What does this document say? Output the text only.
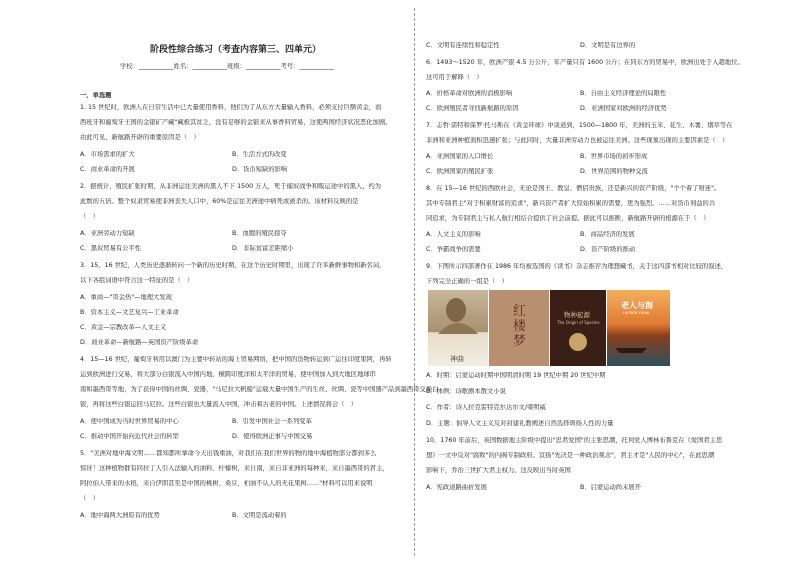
阶段性综合练习（考查内容第三、四单元）
学校：___________姓名：___________班级：___________考号：___________
一、单选题
1. 15 世纪时，欧洲人在日常生活中已大量使用香料，他们为了从东方大量输入香料，必须支付巨额黄金，而
西班牙和葡萄牙王国的金银矿产藏"藏极其贫乏，没有足够的金银来从事香料贸易，这使两国经济状况恶化加剧。
由此可见，新航路开辟的重要原因是（　）
A．市场需求的扩大	B．生活方式的改变
C．商业革命的开展	D．货币短缺的影响
2．据统计，殖民扩张时期，从非洲运往美洲的黑人不下 1500 万人，死于捕奴战争和贩运途中的黑人，约为
此数的五倍。整个奴隶贸易使非洲丧失人口中，60%是运往美洲途中病死或被杀的。该材料反映的是
（　）
A．亚洲劳动力短缺	B．血腥的殖民掠夺
C．黑奴贸易有公平性	D．非际贫富差距缩小
3．15、16 世纪，人类历史逐渐转向一个新的历史时期，在这个历史时期里，出现了许多新鲜事物和新名词，
以下各组词语中符合这一特征的是（　）
A．重商—"哥金热"—地理大发现
B．资本主义—文艺复兴—工业革命
C．黄金—宗教改革—人文主义
D．商业革命—新航路—英国资产阶级革命
4．15—16 世纪，葡萄牙利用以澳门为主要中转站的海上贸易网络，把中国的货物转运到广运往印度果阿，再转
运到欧洲进行交易，将大部分白银流入中国内地，横跨印度洋和太平洋的贸易，使中国加入到大地区地球串
南和墨西哥等地，为了获得中国的丝绸、瓷器，"马尼拉大帆船"运载大量中国生产的生丝、丝绸、瓷等中国器产品到墨西哥交换白
银，再将这些白银运回马尼拉。这些白银也大量流入中国，冲击着古老的中国。上述情况将会（　）
A．使中国成为当时世界贸易的中心	B．引发中国社会一系列变革
C．推动中国开始向近代社会的转型	D．使得欧洲正事与中国交易
5．"美洲对地中海文明……都知都所拿命今天出钱重油，对我们在我们世界的物的地中海植物部分都到多么
惊讶！这种植物群有同拉丁人引入法输入的油料、柠檬树，来自南，来自非亚洲的每种来，来自墨西哥的君主，
阿拉伯人带来的水稻，来自伊朗甚至是中国的桃树、桑豆，柏油不认人的无花果树……"材料可以用来说明
（　）
A．地中海两大洲原有的优势	B．文明是流动着的
C．文明有连续性和稳定性	D．文明是有边界的
6．1493～1520 年，欧洲产银 4.5 万公斤，年产量只有 1600 公斤；在同东方的贸易中，欧洲出处于入超地位。
这可用于解释（　）
A．价格革命对欧洲的消极影响	B．自由主义经济理论的局限性
C．欧洲殖民者寻找新航路的原因	D．亚洲国家对欧洲的经济优势
7．志哲·诺特和保罗·托马斯在《黄金环球》中谈道到，1500—1800 年，美洲的玉米、花生、木薯、烟草等在
非洲和亚洲种植面积迅速扩张；与此同时，大量非洲劳动力也被运往美洲。这些现象出现的主要因素是（　）
A．亚洲国家的人口增长	B．世界市场的初步形成
C．欧洲国家的殖民扩张	D．世界范围的物种交流
8．在 15—16 世纪的西欧社会，无论是国王、教皇、僧侣贵族，还是新兴的资产阶级，"个个着了财迷"。
其中专制君主"对于积累财富的追求"，新兴资产者扩大原始积累的需要，更为强烈。……对货币利益的共
同追求，为专制君主与私人航行相结合提供了社会前提。据此可以推断，新航路开辟的根源在于（　）
A．人文主义的影响	B．商品经济的发展
C．争霸战争的需要	D．资产阶级的推动
9．下图所示四部著作在 1986 年均被选国的《读书》杂志推荐为理想藏书，关于这四部书相对比较的叙述，
下列完全正确的一组是（　）
神曲
红楼梦
物种起源
The Origin of Species
老人与海
LAOREN YUHAI
A．时期：启蒙运动时期中国明清时期 19 世纪中期 20 世纪中期
B．体例：诗歌剧本散文小说
C．作者：诗人拉克雷特克尔达尔文/梁明威
D．主题：倡导人文主义反对封建礼教阐述自然选择颂扬人性的力量
10．1760 年前后，英国数据地主阶级中提出"忠君爱国"的主张思潮，托利党人博林布鲁克在《爱国君主思
想》一文中反对"腐败"的内阁专制政府。宣扬"先决是一种政治观念"，君主才是"人民的中心"，在此思潮
影响下，乔治三世扩大君主权力。这反映出当时英国
A．宪政道路曲折发展	B．启蒙运动尚未展开
